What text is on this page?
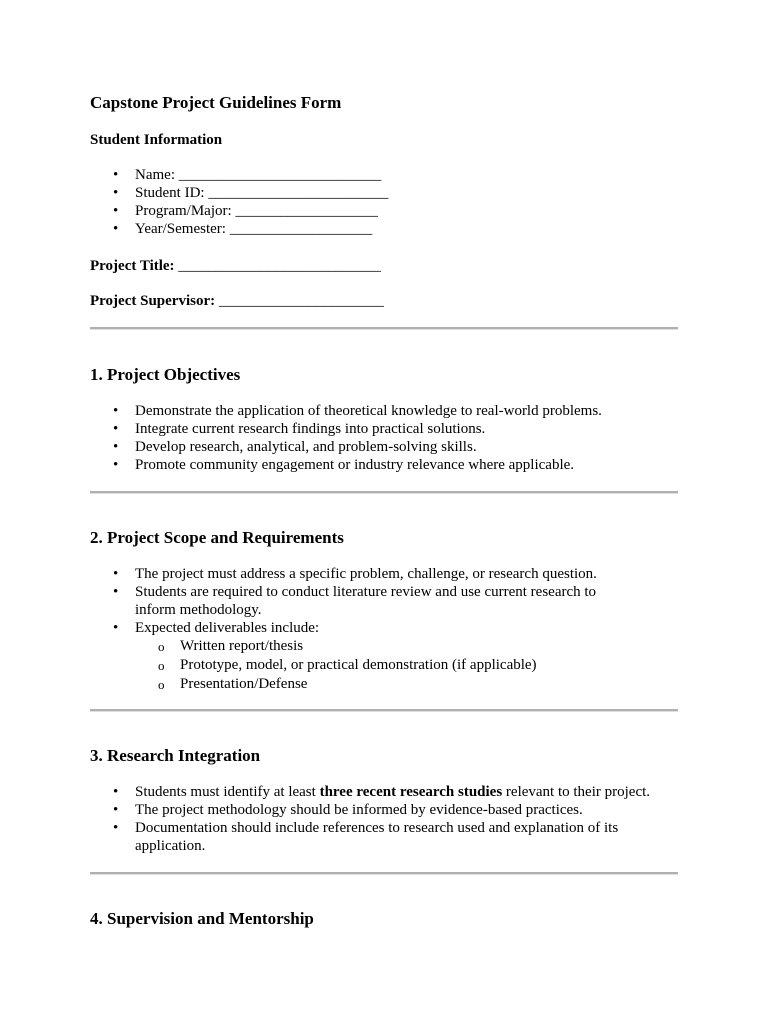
Capstone Project Guidelines Form
Student Information
• Name: ___________________________
• Student ID: ________________________
• Program/Major: ___________________
• Year/Semester: ___________________

Project Title: ___________________________

Project Supervisor: ______________________

1. Project Objectives
• Demonstrate the application of theoretical knowledge to real-world problems.
• Integrate current research findings into practical solutions.
• Develop research, analytical, and problem-solving skills.
• Promote community engagement or industry relevance where applicable.
2. Project Scope and Requirements
• The project must address a specific problem, challenge, or research question.
• Students are required to conduct literature review and use current research to inform methodology.
• Expected deliverables include:
o Written report/thesis
o Prototype, model, or practical demonstration (if applicable)
o Presentation/Defense
3. Research Integration
• Students must identify at least three recent research studies relevant to their project.
• The project methodology should be informed by evidence-based practices.
• Documentation should include references to research used and explanation of its application.
4. Supervision and Mentorship
